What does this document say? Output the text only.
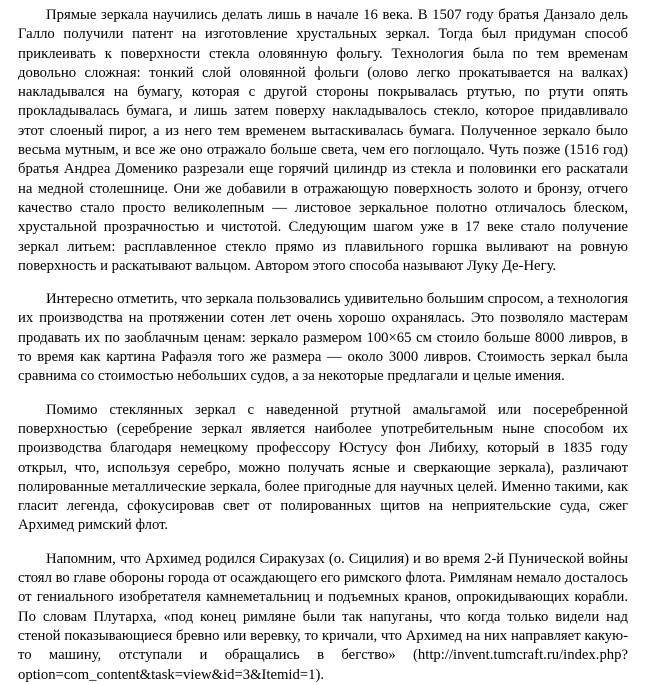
Прямые зеркала научились делать лишь в начале 16 века. В 1507 году братья Данзало дель Галло получили патент на изготовление хрустальных зеркал. Тогда был придуман способ приклеивать к поверхности стекла оловянную фольгу. Технология была по тем временам довольно сложная: тонкий слой оловянной фольги (олово легко прокатывается на валках) накладывался на бумагу, которая с другой стороны покрывалась ртутью, по ртути опять прокладывалась бумага, и лишь затем поверху накладывалось стекло, которое придавливало этот слоеный пирог, а из него тем временем вытаскивалась бумага. Полученное зеркало было весьма мутным, и все же оно отражало больше света, чем его поглощало. Чуть позже (1516 год) братья Андреа Доменико разрезали еще горячий цилиндр из стекла и половинки его раскатали на медной столешнице. Они же добавили в отражающую поверхность золото и бронзу, отчего качество стало просто великолепным — листовое зеркальное полотно отличалось блеском, хрустальной прозрачностью и чистотой. Следующим шагом уже в 17 веке стало получение зеркал литьем: расплавленное стекло прямо из плавильного горшка выливают на ровную поверхность и раскатывают вальцом. Автором этого способа называют Луку Де-Негу.

Интересно отметить, что зеркала пользовались удивительно большим спросом, а технология их производства на протяжении сотен лет очень хорошо охранялась. Это позволяло мастерам продавать их по заоблачным ценам: зеркало размером 100×65 см стоило больше 8000 ливров, в то время как картина Рафаэля того же размера — около 3000 ливров. Стоимость зеркал была сравнима со стоимостью небольших судов, а за некоторые предлагали и целые имения.

Помимо стеклянных зеркал с наведенной ртутной амальгамой или посеребренной поверхностью (серебрение зеркал является наиболее употребительным ныне способом их производства благодаря немецкому профессору Юстусу фон Либиху, который в 1835 году открыл, что, используя серебро, можно получать ясные и сверкающие зеркала), различают полированные металлические зеркала, более пригодные для научных целей. Именно такими, как гласит легенда, сфокусировав свет от полированных щитов на неприятельские суда, сжег Архимед римский флот.

Напомним, что Архимед родился Сиракузах (о. Сицилия) и во время 2-й Пунической войны стоял во главе обороны города от осаждающего его римского флота. Римлянам немало досталось от гениального изобретателя камнеметальниц и подъемных кранов, опрокидывающих корабли. По словам Плутарха, «под конец римляне были так напуганы, что когда только видели над стеной показывающиеся бревно или веревку, то кричали, что Архимед на них направляет какую-то машину, отступали и обращались в бегство» (http://invent.tumcraft.ru/index.php?option=com_content&task=view&id=3&Itemid=1).
